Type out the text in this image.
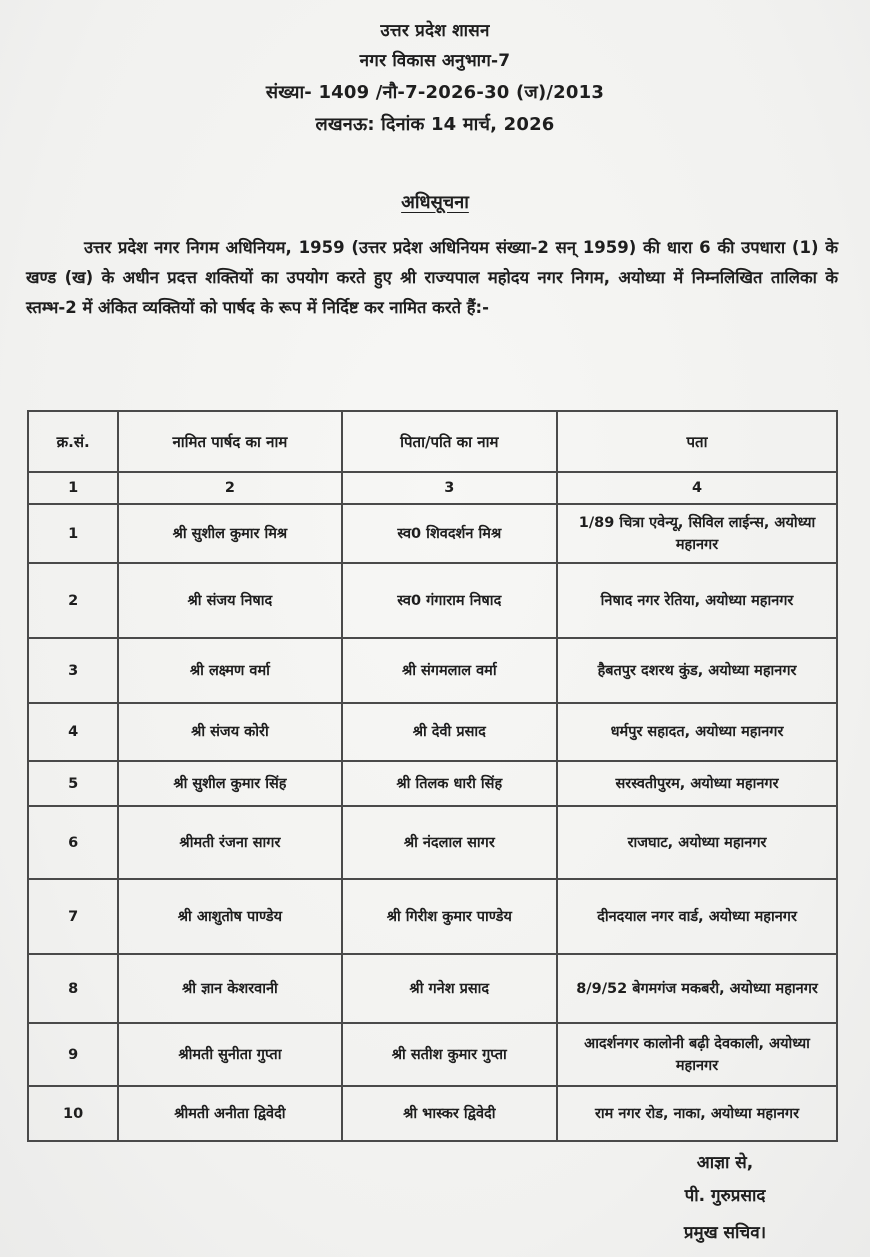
उत्तर प्रदेश शासन
नगर विकास अनुभाग-7
संख्या- 1409 /नौ-7-2026-30 (ज)/2013
लखनऊ: दिनांक 14 मार्च, 2026
अधिसूचना
उत्तर प्रदेश नगर निगम अधिनियम, 1959 (उत्तर प्रदेश अधिनियम संख्या-2 सन् 1959) की धारा 6 की उपधारा (1) के खण्ड (ख) के अधीन प्रदत्त शक्तियों का उपयोग करते हुए श्री राज्यपाल महोदय नगर निगम, अयोध्या में निम्नलिखित तालिका के स्तम्भ-2 में अंकित व्यक्तियों को पार्षद के रूप में निर्दिष्ट कर नामित करते हैं:-
क्र.सं.	नामित पार्षद का नाम	पिता/पति का नाम	पता
1	2	3	4
1	श्री सुशील कुमार मिश्र	स्व0 शिवदर्शन मिश्र	1/89 चित्रा एवेन्यू, सिविल लाईन्स, अयोध्या महानगर
2	श्री संजय निषाद	स्व0 गंगाराम निषाद	निषाद नगर रेतिया, अयोध्या महानगर
3	श्री लक्ष्मण वर्मा	श्री संगमलाल वर्मा	हैबतपुर दशरथ कुंड, अयोध्या महानगर
4	श्री संजय कोरी	श्री देवी प्रसाद	धर्मपुर सहादत, अयोध्या महानगर
5	श्री सुशील कुमार सिंह	श्री तिलक धारी सिंह	सरस्वतीपुरम, अयोध्या महानगर
6	श्रीमती रंजना सागर	श्री नंदलाल सागर	राजघाट, अयोध्या महानगर
7	श्री आशुतोष पाण्डेय	श्री गिरीश कुमार पाण्डेय	दीनदयाल नगर वार्ड, अयोध्या महानगर
8	श्री ज्ञान केशरवानी	श्री गनेश प्रसाद	8/9/52 बेगमगंज मकबरी, अयोध्या महानगर
9	श्रीमती सुनीता गुप्ता	श्री सतीश कुमार गुप्ता	आदर्शनगर कालोनी बढ़ी देवकाली, अयोध्या महानगर
10	श्रीमती अनीता द्विवेदी	श्री भास्कर द्विवेदी	राम नगर रोड, नाका, अयोध्या महानगर
आज्ञा से,
पी. गुरुप्रसाद
प्रमुख सचिव।
